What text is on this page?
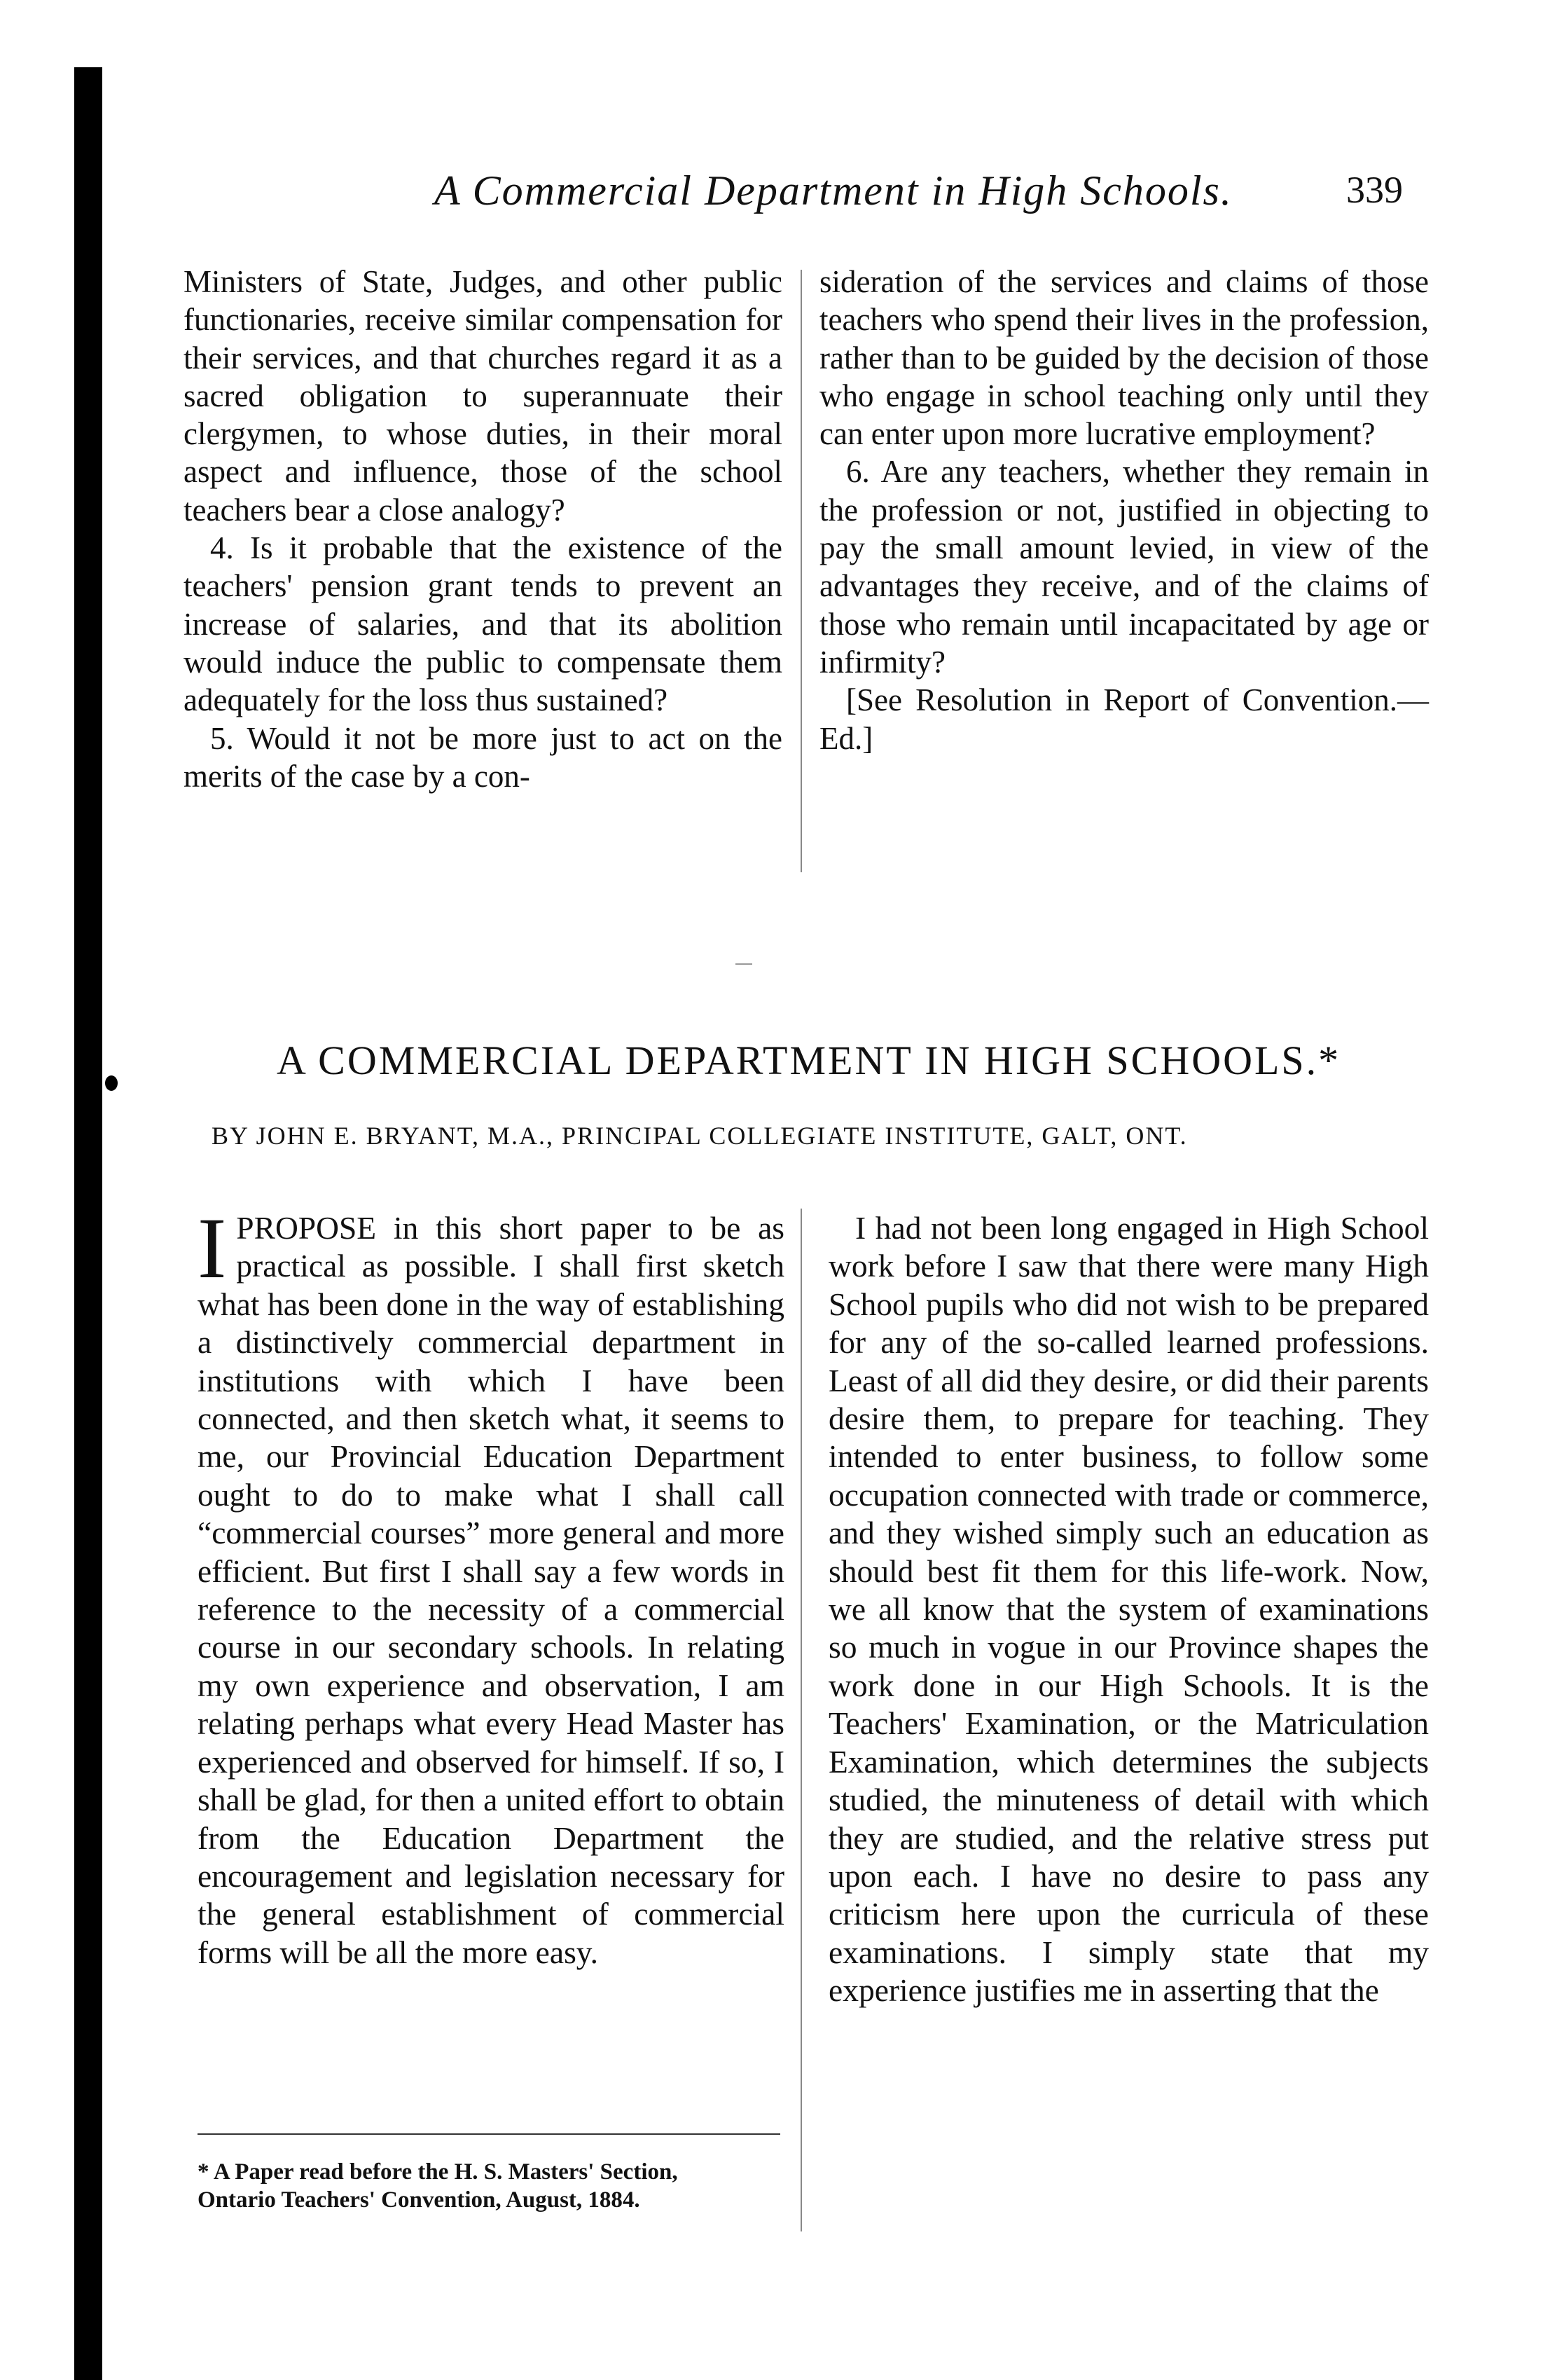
A Commercial Department in High Schools.	339

Ministers of State, Judges, and other public functionaries, receive similar compensation for their services, and that churches regard it as a sacred obligation to superannuate their clergymen, to whose duties, in their moral aspect and influence, those of the school teachers bear a close analogy?

4. Is it probable that the existence of the teachers' pension grant tends to prevent an increase of salaries, and that its abolition would induce the public to compensate them adequately for the loss thus sustained?

5. Would it not be more just to act on the merits of the case by a con-

sideration of the services and claims of those teachers who spend their lives in the profession, rather than to be guided by the decision of those who engage in school teaching only until they can enter upon more lucrative employment?

6. Are any teachers, whether they remain in the profession or not, justified in objecting to pay the small amount levied, in view of the advantages they receive, and of the claims of those who remain until incapacitated by age or infirmity?

[See Resolution in Report of Convention.—Ed.]

A COMMERCIAL DEPARTMENT IN HIGH SCHOOLS.*
BY JOHN E. BRYANT, M.A., PRINCIPAL COLLEGIATE INSTITUTE, GALT, ONT.

IPROPOSE in this short paper to be as practical as possible. I shall first sketch what has been done in the way of establishing a distinctively commercial department in institutions with which I have been connected, and then sketch what, it seems to me, our Provincial Education Department ought to do to make what I shall call “commercial courses” more general and more efficient. But first I shall say a few words in reference to the necessity of a commercial course in our secondary schools. In relating my own experience and observation, I am relating perhaps what every Head Master has experienced and observed for himself. If so, I shall be glad, for then a united effort to obtain from the Education Department the encouragement and legislation necessary for the general establishment of commercial forms will be all the more easy.

I had not been long engaged in High School work before I saw that there were many High School pupils who did not wish to be prepared for any of the so-called learned professions. Least of all did they desire, or did their parents desire them, to prepare for teaching. They intended to enter business, to follow some occupation connected with trade or commerce, and they wished simply such an education as should best fit them for this life-work. Now, we all know that the system of examinations so much in vogue in our Province shapes the work done in our High Schools. It is the Teachers' Examination, or the Matriculation Examination, which determines the subjects studied, the minuteness of detail with which they are studied, and the relative stress put upon each. I have no desire to pass any criticism here upon the curricula of these examinations. I simply state that my experience justifies me in asserting that the

* A Paper read before the H. S. Masters' Section,
Ontario Teachers' Convention, August, 1884.
